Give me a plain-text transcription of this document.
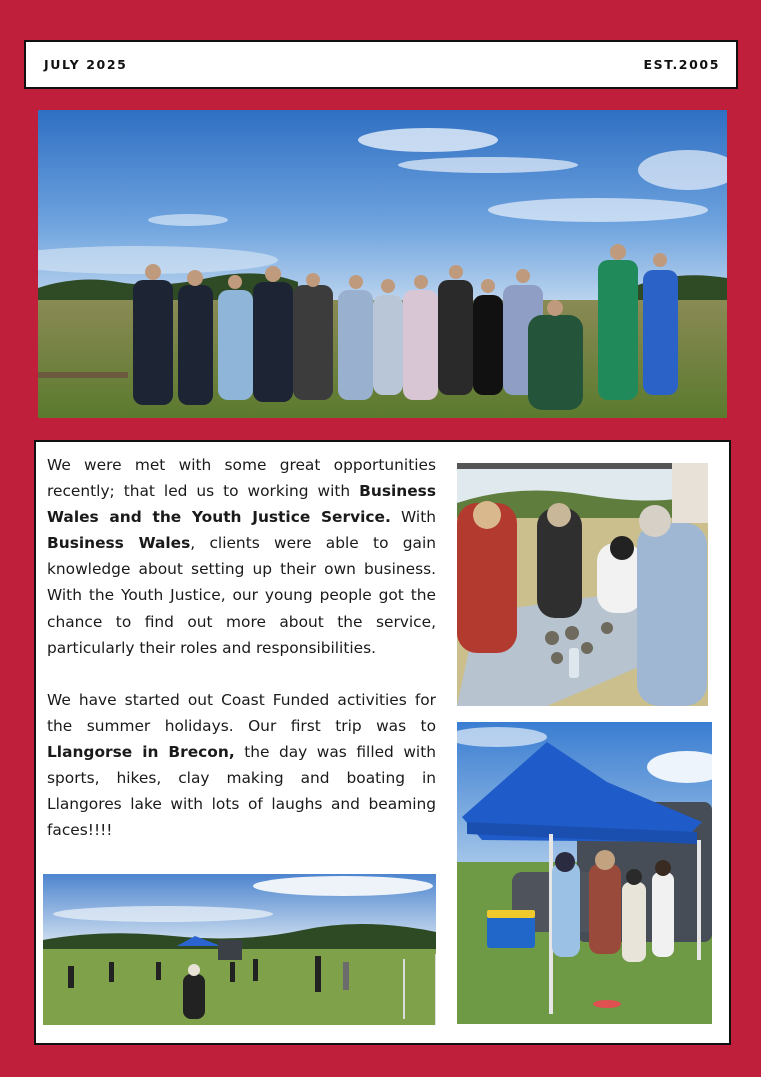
JULY 2025	EST.2005

We were met with some great opportunities recently; that led us to working with Business Wales and the Youth Justice Service. With Business Wales, clients were able to gain knowledge about setting up their own business. With the Youth Justice, our young people got the chance to find out more about the service, particularly their roles and responsibilities.

We have started out Coast Funded activities for the summer holidays. Our first trip was to Llangorse in Brecon, the day was filled with sports, hikes, clay making and boating in Llangores lake with lots of laughs and beaming faces!!!!
